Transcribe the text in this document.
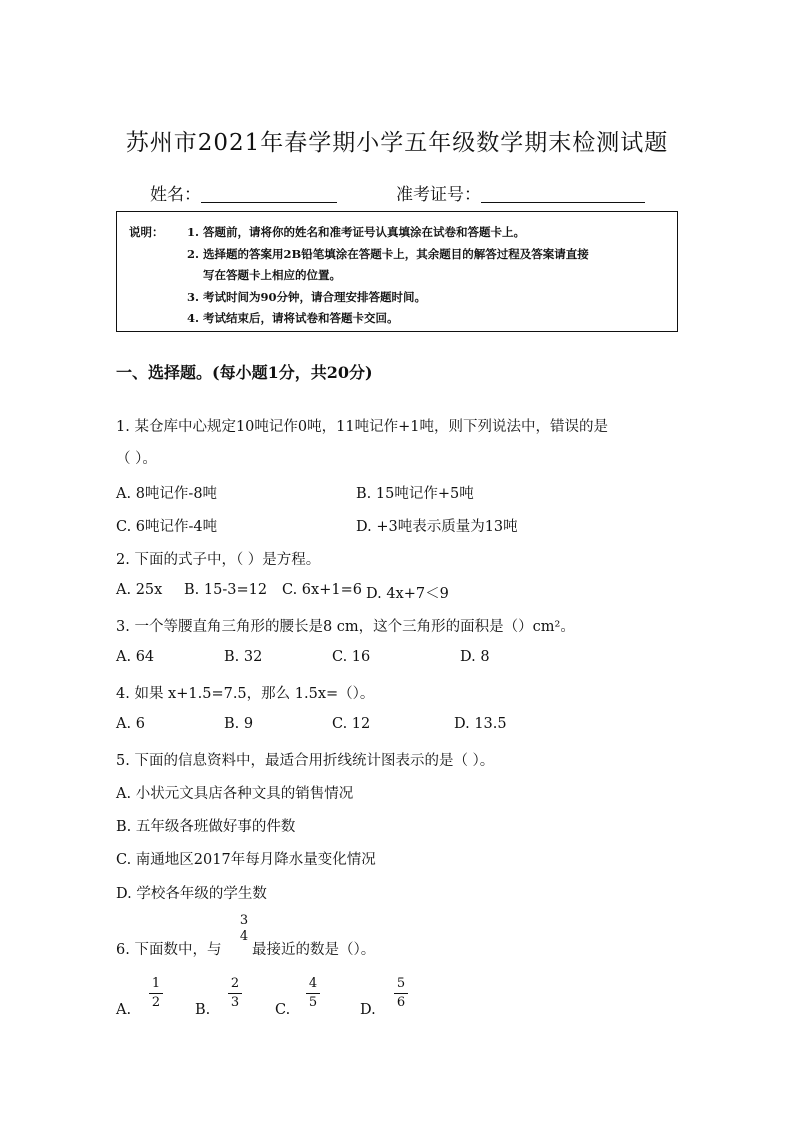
苏州市2021年春学期小学五年级数学期末检测试题
姓名：	准考证号：
说明： 1. 答题前，请将你的姓名和准考证号认真填涂在试卷和答题卡上。
2. 选择题的答案用2B铅笔填涂在答题卡上，其余题目的解答过程及答案请直接
写在答题卡上相应的位置。
3. 考试时间为90分钟，请合理安排答题时间。
4. 考试结束后，请将试卷和答题卡交回。
一、选择题。(每小题1分，共20分)
1. 某仓库中心规定10吨记作0吨，11吨记作+1吨，则下列说法中，错误的是
（ ）。
A. 8吨记作-8吨	B. 15吨记作+5吨
C. 6吨记作-4吨	D. +3吨表示质量为13吨
2. 下面的式子中，（ ）是方程。
A. 25x B. 15-3=12 C. 6x+1=6 D. 4x+7＜9
3. 一个等腰直角三角形的腰长是8 cm，这个三角形的面积是（）cm²。
A. 64	B. 32	C. 16	D. 8
4. 如果 x+1.5=7.5，那么 1.5x=（）。
A. 6	B. 9	C. 12	D. 13.5
5. 下面的信息资料中，最适合用折线统计图表示的是（ ）。
A. 小状元文具店各种文具的销售情况
B. 五年级各班做好事的件数
C. 南通地区2017年每月降水量变化情况
D. 学校各年级的学生数
6. 下面数中，与
3
4
最接近的数是（）。
A.
1
2 B.
2
3 C.
4
5	D.
5
6
